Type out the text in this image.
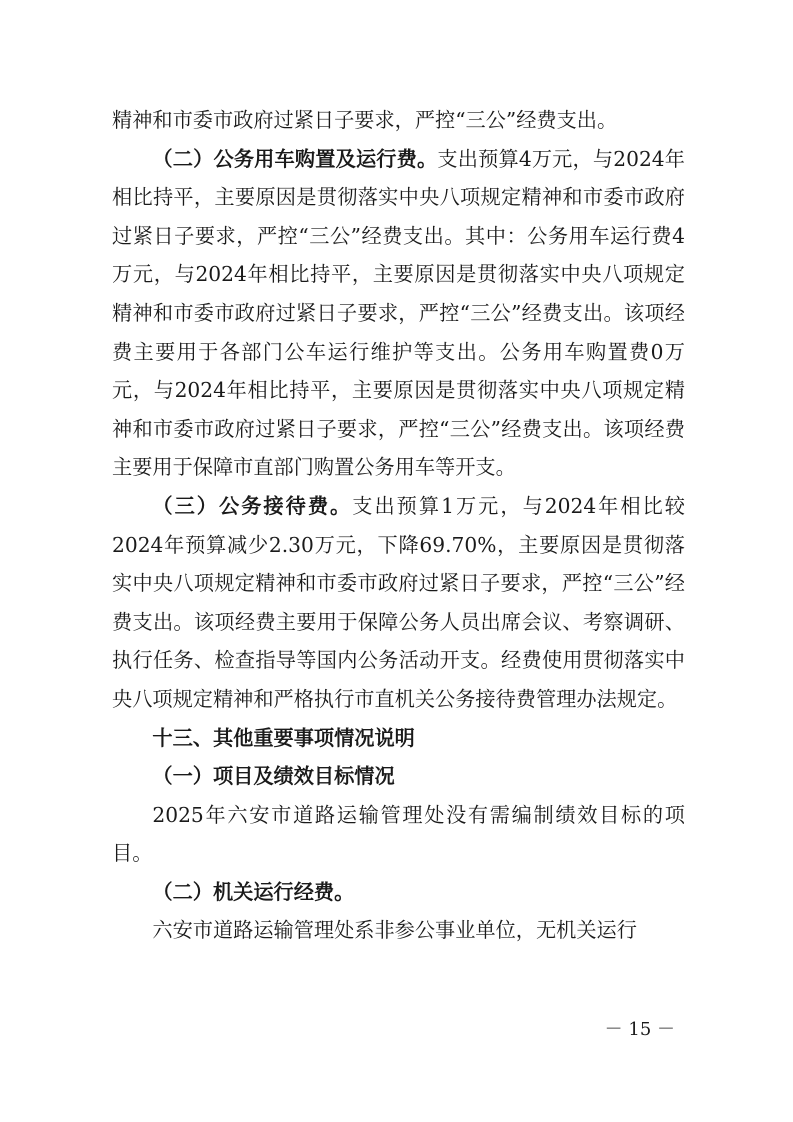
精神和市委市政府过紧日子要求，严控“三公”经费支出。

（二）公务用车购置及运行费。支出预算4万元，与2024年相比持平，主要原因是贯彻落实中央八项规定精神和市委市政府过紧日子要求，严控“三公”经费支出。其中：公务用车运行费4万元，与2024年相比持平，主要原因是贯彻落实中央八项规定精神和市委市政府过紧日子要求，严控“三公”经费支出。该项经费主要用于各部门公车运行维护等支出。公务用车购置费0万元，与2024年相比持平，主要原因是贯彻落实中央八项规定精神和市委市政府过紧日子要求，严控“三公”经费支出。该项经费主要用于保障市直部门购置公务用车等开支。

（三）公务接待费。支出预算1万元，与2024年相比较2024年预算减少2.30万元，下降69.70%，主要原因是贯彻落实中央八项规定精神和市委市政府过紧日子要求，严控“三公”经费支出。该项经费主要用于保障公务人员出席会议、考察调研、执行任务、检查指导等国内公务活动开支。经费使用贯彻落实中央八项规定精神和严格执行市直机关公务接待费管理办法规定。

十三、其他重要事项情况说明

（一）项目及绩效目标情况

2025年六安市道路运输管理处没有需编制绩效目标的项目。

（二）机关运行经费。

六安市道路运输管理处系非参公事业单位，无机关运行

－ 15 －
